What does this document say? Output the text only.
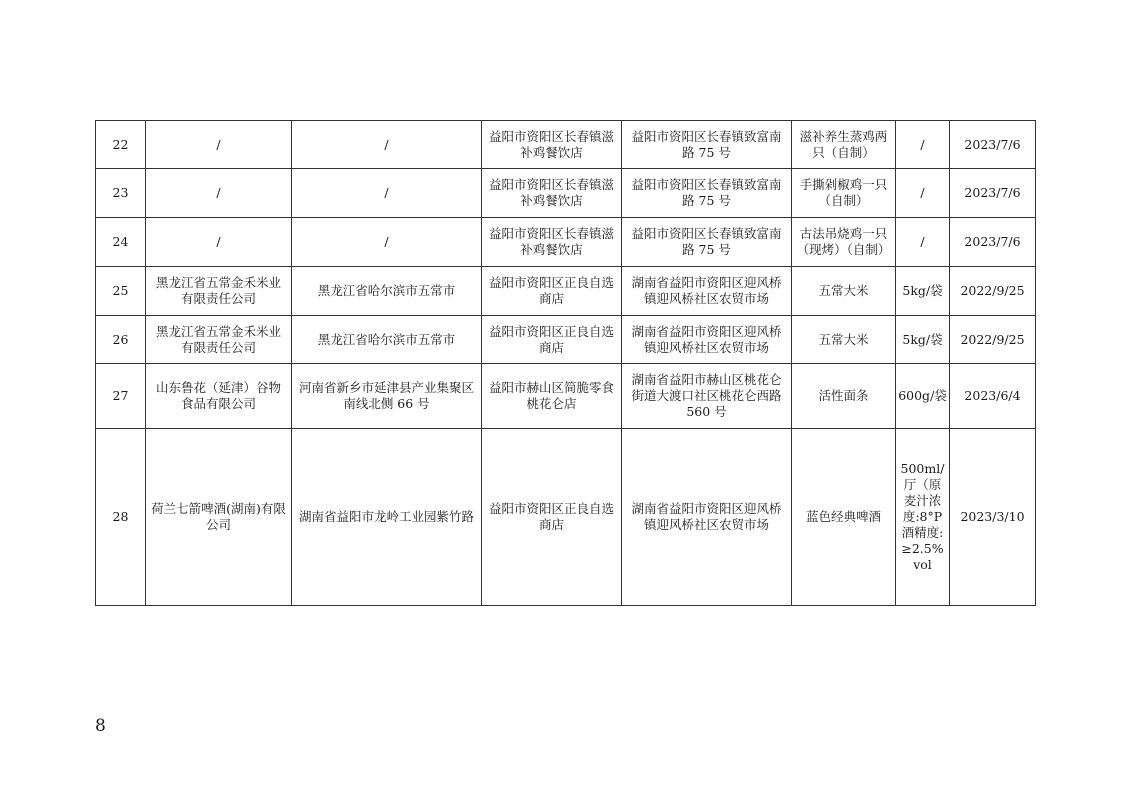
22	/	/	益阳市资阳区长春镇滋补鸡餐饮店	益阳市资阳区长春镇致富南路 75 号	滋补养生蒸鸡两只（自制）	/	2023/7/6
23	/	/	益阳市资阳区长春镇滋补鸡餐饮店	益阳市资阳区长春镇致富南路 75 号	手撕剁椒鸡一只（自制）	/	2023/7/6
24	/	/	益阳市资阳区长春镇滋补鸡餐饮店	益阳市资阳区长春镇致富南路 75 号	古法吊烧鸡一只（现烤）（自制）	/	2023/7/6
25	黑龙江省五常金禾米业有限责任公司	黑龙江省哈尔滨市五常市	益阳市资阳区正良自选商店	湖南省益阳市资阳区迎风桥镇迎风桥社区农贸市场	五常大米	5kg/袋	2022/9/25
26	黑龙江省五常金禾米业有限责任公司	黑龙江省哈尔滨市五常市	益阳市资阳区正良自选商店	湖南省益阳市资阳区迎风桥镇迎风桥社区农贸市场	五常大米	5kg/袋	2022/9/25
27	山东鲁花（延津）谷物食品有限公司	河南省新乡市延津县产业集聚区南线北侧 66 号	益阳市赫山区简脆零食桃花仑店	湖南省益阳市赫山区桃花仑街道大渡口社区桃花仑西路 560 号	活性面条	600g/袋	2023/6/4
28	荷兰七箭啤酒(湖南)有限公司	湖南省益阳市龙岭工业园紫竹路	益阳市资阳区正良自选商店	湖南省益阳市资阳区迎风桥镇迎风桥社区农贸市场	蓝色经典啤酒	500ml/厅（原麦汁浓度:8°P 酒精度:≥2.5%vol	2023/3/10
8
